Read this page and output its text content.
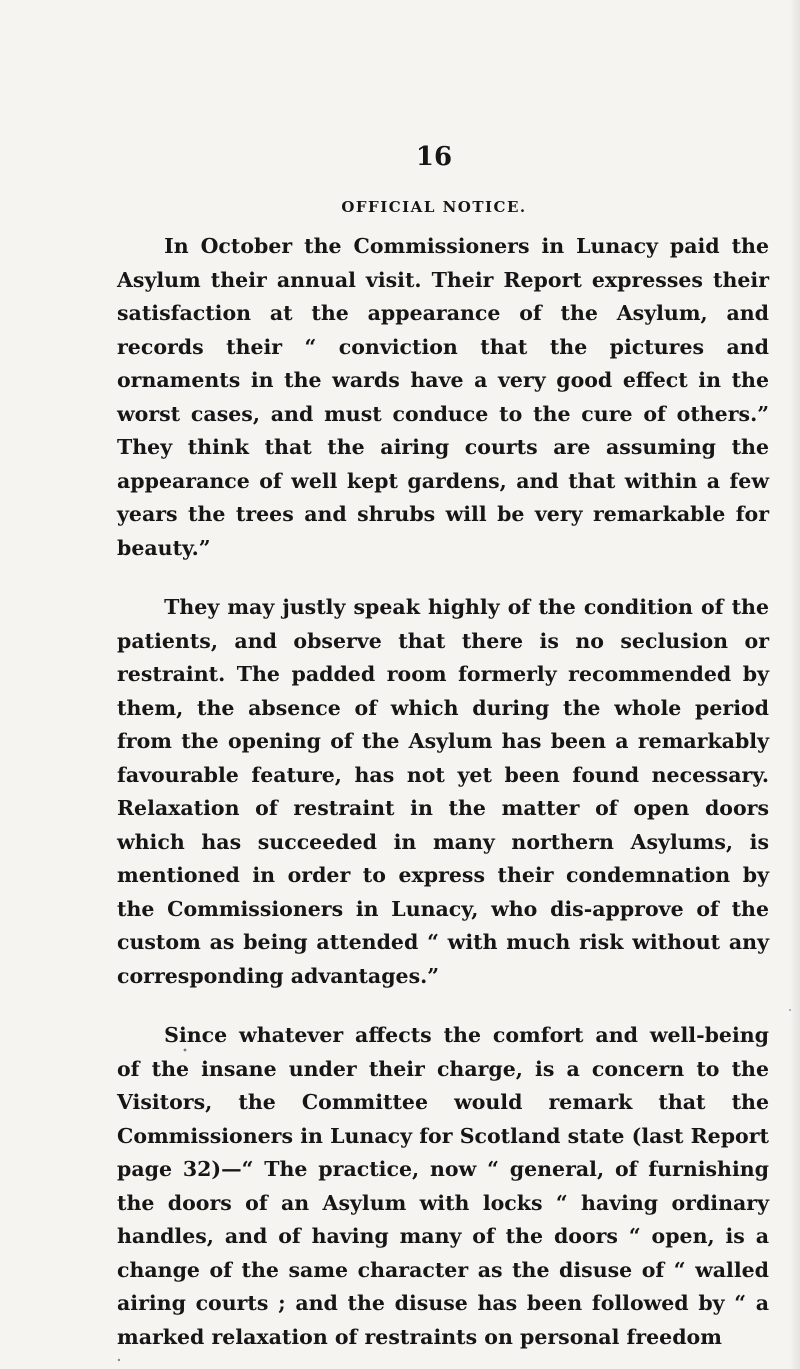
16
OFFICIAL NOTICE.

In October the Commissioners in Lunacy paid the Asylum their annual visit. Their Report expresses their satisfaction at the appearance of the Asylum, and records their “ conviction that the pictures and ornaments in the wards have a very good effect in the worst cases, and must conduce to the cure of others.” They think that the airing courts are assuming the appearance of well kept gardens, and that within a few years the trees and shrubs will be very remarkable for beauty.”

They may justly speak highly of the condition of the patients, and observe that there is no seclusion or restraint. The padded room formerly recommended by them, the absence of which during the whole period from the opening of the Asylum has been a remarkably favourable feature, has not yet been found necessary. Relaxation of restraint in the matter of open doors which has succeeded in many northern Asylums, is mentioned in order to express their condemnation by the Commissioners in Lunacy, who dis-approve of the custom as being attended “ with much risk without any corresponding advantages.”

Since whatever affects the comfort and well-being of the insane under their charge, is a concern to the Visitors, the Committee would remark that the Commissioners in Lunacy for Scotland state (last Report page 32)—“ The practice, now “ general, of furnishing the doors of an Asylum with locks “ having ordinary handles, and of having many of the doors “ open, is a change of the same character as the disuse of “ walled airing courts ; and the disuse has been followed by “ a marked relaxation of restraints on personal freedom
